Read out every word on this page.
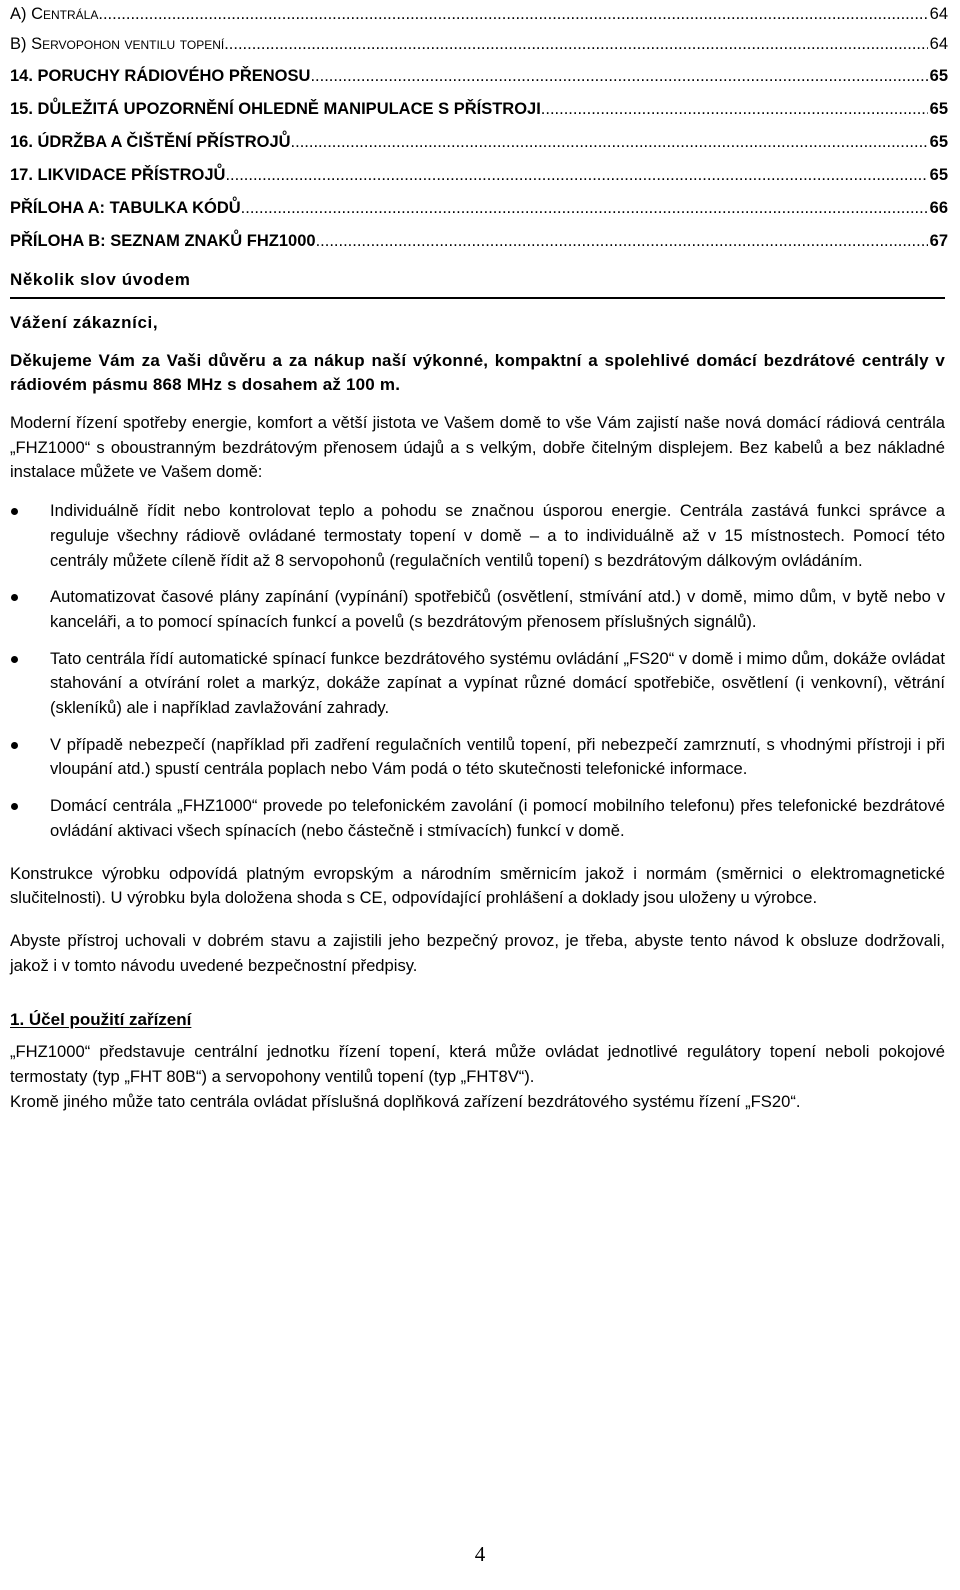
A) Centrála .....	64
B) Servopohon ventilu topení .....	64
14. PORUCHY RÁDIOVÉHO PŘENOSU .....	65
15. DŮLEŽITÁ UPOZORNĚNÍ OHLEDNĚ MANIPULACE S PŘÍSTROJI .....	65
16. ÚDRŽBA A ČIŠTĚNÍ PŘÍSTROJŮ .....	65
17. LIKVIDACE PŘÍSTROJŮ .....	65
PŘÍLOHA A: TABULKA KÓDŮ .....	66
PŘÍLOHA B: SEZNAM ZNAKŮ FHZ1000 .....	67
Několik slov úvodem
Vážení zákazníci,
Děkujeme Vám za Vaši důvěru a za nákup naší výkonné, kompaktní a spolehlivé domácí bezdrátové centrály v rádiovém pásmu 868 MHz s dosahem až 100 m.

Moderní řízení spotřeby energie, komfort a větší jistota ve Vašem domě to vše Vám zajistí naše nová domácí rádiová centrála „FHZ1000“ s oboustranným bezdrátovým přenosem údajů a s velkým, dobře čitelným displejem. Bez kabelů a bez nákladné instalace můžete ve Vašem domě:

Individuálně řídit nebo kontrolovat teplo a pohodu se značnou úsporou energie. Centrála zastává funkci správce a reguluje všechny rádiově ovládané termostaty topení v domě – a to individuálně až v 15 místnostech. Pomocí této centrály můžete cíleně řídit až 8 servopohonů (regulačních ventilů topení) s bezdrátovým dálkovým ovládáním.
Automatizovat časové plány zapínání (vypínání) spotřebičů (osvětlení, stmívání atd.) v domě, mimo dům, v bytě nebo v kanceláři, a to pomocí spínacích funkcí a povelů (s bezdrátovým přenosem příslušných signálů).
Tato centrála řídí automatické spínací funkce bezdrátového systému ovládání „FS20“ v domě i mimo dům, dokáže ovládat stahování a otvírání rolet a markýz, dokáže zapínat a vypínat různé domácí spotřebiče, osvětlení (i venkovní), větrání (skleníků) ale i například zavlažování zahrady.
V případě nebezpečí (například při zadření regulačních ventilů topení, při nebezpečí zamrznutí, s vhodnými přístroji i při vloupání atd.) spustí centrála poplach nebo Vám podá o této skutečnosti telefonické informace.
Domácí centrála „FHZ1000“ provede po telefonickém zavolání (i pomocí mobilního telefonu) přes telefonické bezdrátové ovládání aktivaci všech spínacích (nebo částečně i stmívacích) funkcí v domě.

Konstrukce výrobku odpovídá platným evropským a národním směrnicím jakož i normám (směrnici o elektromagnetické slučitelnosti). U výrobku byla doložena shoda s CE, odpovídající prohlášení a doklady jsou uloženy u výrobce.

Abyste přístroj uchovali v dobrém stavu a zajistili jeho bezpečný provoz, je třeba, abyste tento návod k obsluze dodržovali, jakož i v tomto návodu uvedené bezpečnostní předpisy.

1. Účel použití zařízení

„FHZ1000“ představuje centrální jednotku řízení topení, která může ovládat jednotlivé regulátory topení neboli pokojové termostaty (typ „FHT 80B“) a servopohony ventilů topení (typ „FHT8V“).

Kromě jiného může tato centrála ovládat příslušná doplňková zařízení bezdrátového systému řízení „FS20“.

4
